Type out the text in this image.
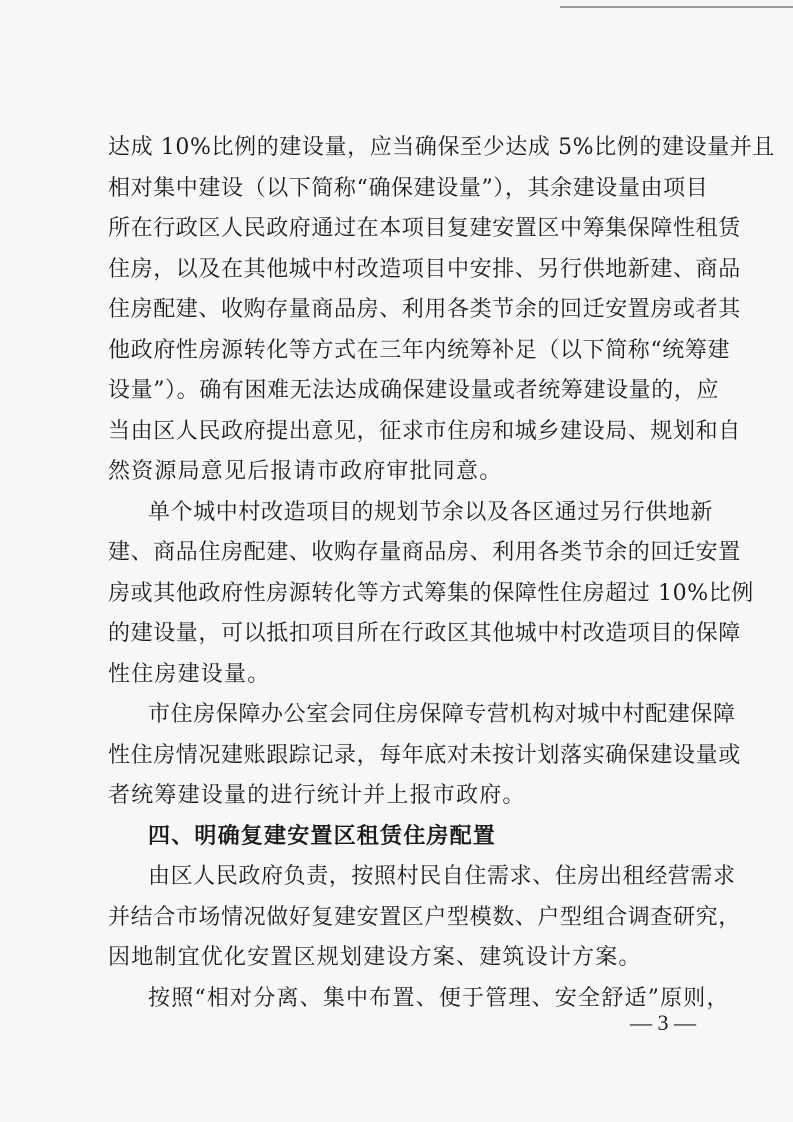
达成 10%比例的建设量，应当确保至少达成 5%比例的建设量并且
相对集中建设（以下简称“确保建设量”），其余建设量由项目
所在行政区人民政府通过在本项目复建安置区中筹集保障性租赁
住房，以及在其他城中村改造项目中安排、另行供地新建、商品
住房配建、收购存量商品房、利用各类节余的回迁安置房或者其
他政府性房源转化等方式在三年内统筹补足（以下简称“统筹建
设量”）。确有困难无法达成确保建设量或者统筹建设量的，应
当由区人民政府提出意见，征求市住房和城乡建设局、规划和自
然资源局意见后报请市政府审批同意。
单个城中村改造项目的规划节余以及各区通过另行供地新
建、商品住房配建、收购存量商品房、利用各类节余的回迁安置
房或其他政府性房源转化等方式筹集的保障性住房超过 10%比例
的建设量，可以抵扣项目所在行政区其他城中村改造项目的保障
性住房建设量。
市住房保障办公室会同住房保障专营机构对城中村配建保障
性住房情况建账跟踪记录，每年底对未按计划落实确保建设量或
者统筹建设量的进行统计并上报市政府。
四、明确复建安置区租赁住房配置
由区人民政府负责，按照村民自住需求、住房出租经营需求
并结合市场情况做好复建安置区户型模数、户型组合调查研究，
因地制宜优化安置区规划建设方案、建筑设计方案。
按照“相对分离、集中布置、便于管理、安全舒适”原则，
— 3 —
